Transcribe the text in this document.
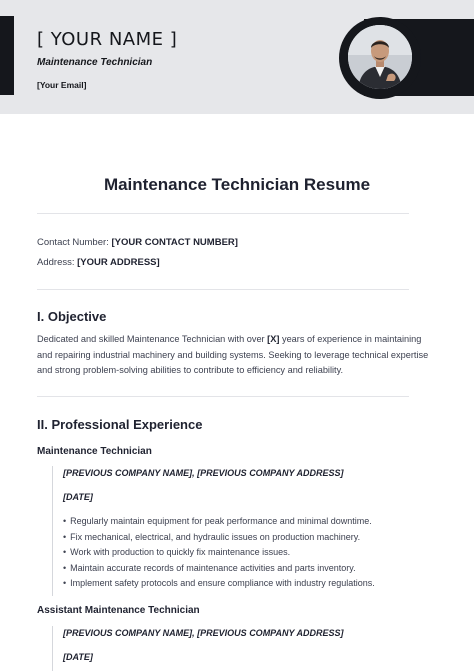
[ YOUR NAME ]
Maintenance Technician
[Your Email]
Maintenance Technician Resume
Contact Number: [YOUR CONTACT NUMBER]
Address: [YOUR ADDRESS]
I. Objective
Dedicated and skilled Maintenance Technician with over [X] years of experience in maintaining
and repairing industrial machinery and building systems. Seeking to leverage technical expertise
and strong problem-solving abilities to contribute to efficiency and reliability.
II. Professional Experience
Maintenance Technician
[PREVIOUS COMPANY NAME], [PREVIOUS COMPANY ADDRESS]
[DATE]
• Regularly maintain equipment for peak performance and minimal downtime.
• Fix mechanical, electrical, and hydraulic issues on production machinery.
• Work with production to quickly fix maintenance issues.
• Maintain accurate records of maintenance activities and parts inventory.
• Implement safety protocols and ensure compliance with industry regulations.
Assistant Maintenance Technician
[PREVIOUS COMPANY NAME], [PREVIOUS COMPANY ADDRESS]
[DATE]
